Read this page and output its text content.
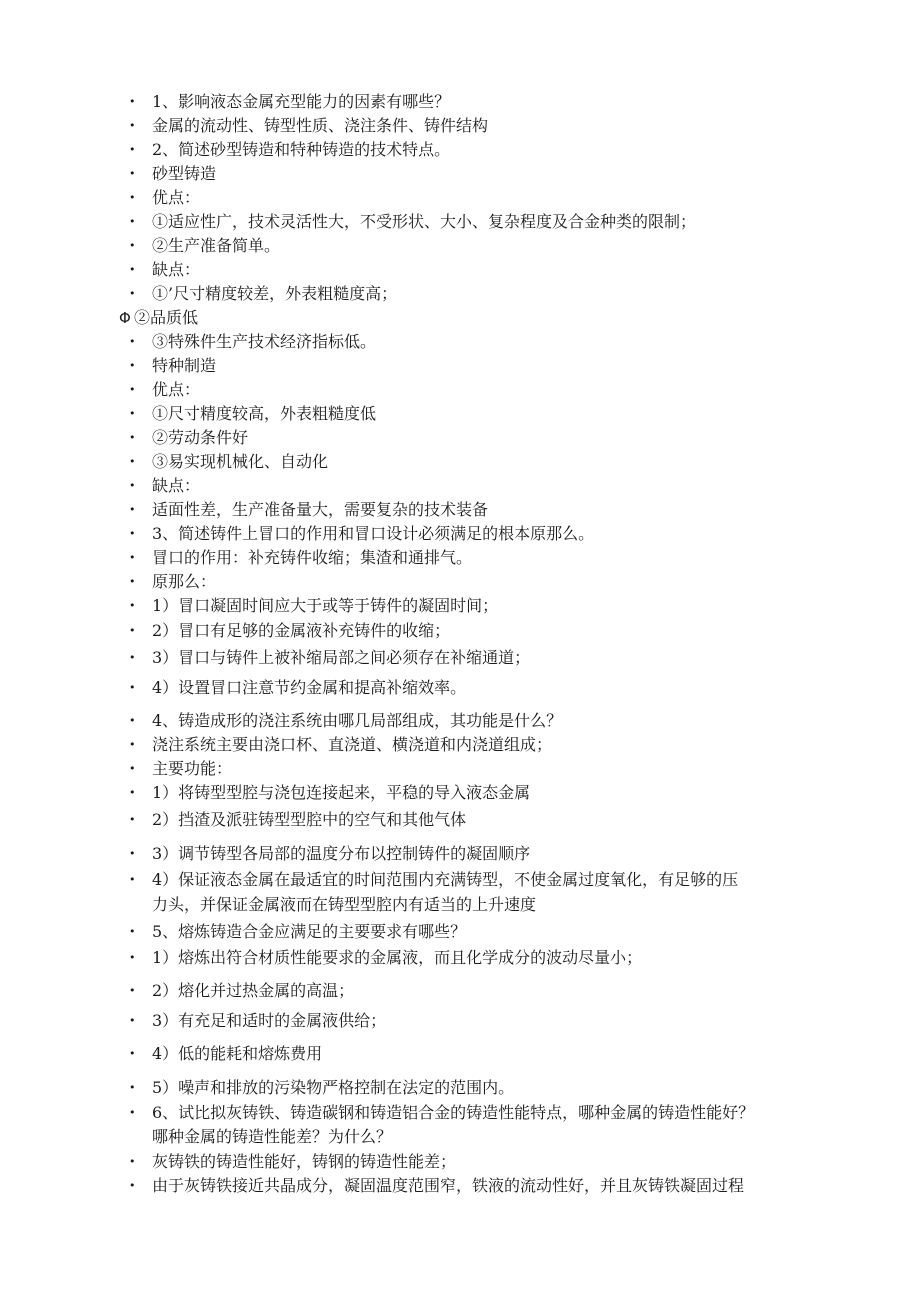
• 1、影响液态金属充型能力的因素有哪些？
• 金属的流动性、铸型性质、浇注条件、铸件结构
• 2、简述砂型铸造和特种铸造的技术特点。
• 砂型铸造
• 优点：
• ①适应性广，技术灵活性大，不受形状、大小、复杂程度及合金种类的限制；
• ②生产准备简单。
• 缺点：
• ①’尺寸精度较差，外表粗糙度高；
Φ ②品质低
• ③特殊件生产技术经济指标低。
• 特种制造
• 优点：
• ①尺寸精度较高，外表粗糙度低
• ②劳动条件好
• ③易实现机械化、自动化
• 缺点：
• 适面性差，生产准备量大，需要复杂的技术装备
• 3、简述铸件上冒口的作用和冒口设计必须满足的根本原那么。
• 冒口的作用：补充铸件收缩；集渣和通排气。
• 原那么：
• 1）冒口凝固时间应大于或等于铸件的凝固时间；
• 2）冒口有足够的金属液补充铸件的收缩；
• 3）冒口与铸件上被补缩局部之间必须存在补缩通道；
• 4）设置冒口注意节约金属和提高补缩效率。
• 4、铸造成形的浇注系统由哪几局部组成，其功能是什么？
• 浇注系统主要由浇口杯、直浇道、横浇道和内浇道组成；
• 主要功能：
• 1）将铸型型腔与浇包连接起来，平稳的导入液态金属
• 2）挡渣及派驻铸型型腔中的空气和其他气体
• 3）调节铸型各局部的温度分布以控制铸件的凝固顺序
• 4）保证液态金属在最适宜的时间范围内充满铸型，不使金属过度氧化，有足够的压
力头，并保证金属液而在铸型型腔内有适当的上升速度
• 5、熔炼铸造合金应满足的主要要求有哪些？
• 1）熔炼出符合材质性能要求的金属液，而且化学成分的波动尽量小；
• 2）熔化并过热金属的高温；
• 3）有充足和适时的金属液供给；
• 4）低的能耗和熔炼费用
• 5）噪声和排放的污染物严格控制在法定的范围内。
• 6、试比拟灰铸铁、铸造碳钢和铸造铝合金的铸造性能特点，哪种金属的铸造性能好？
哪种金属的铸造性能差？为什么？
• 灰铸铁的铸造性能好，铸钢的铸造性能差；
• 由于灰铸铁接近共晶成分，凝固温度范围窄，铁液的流动性好，并且灰铸铁凝固过程
